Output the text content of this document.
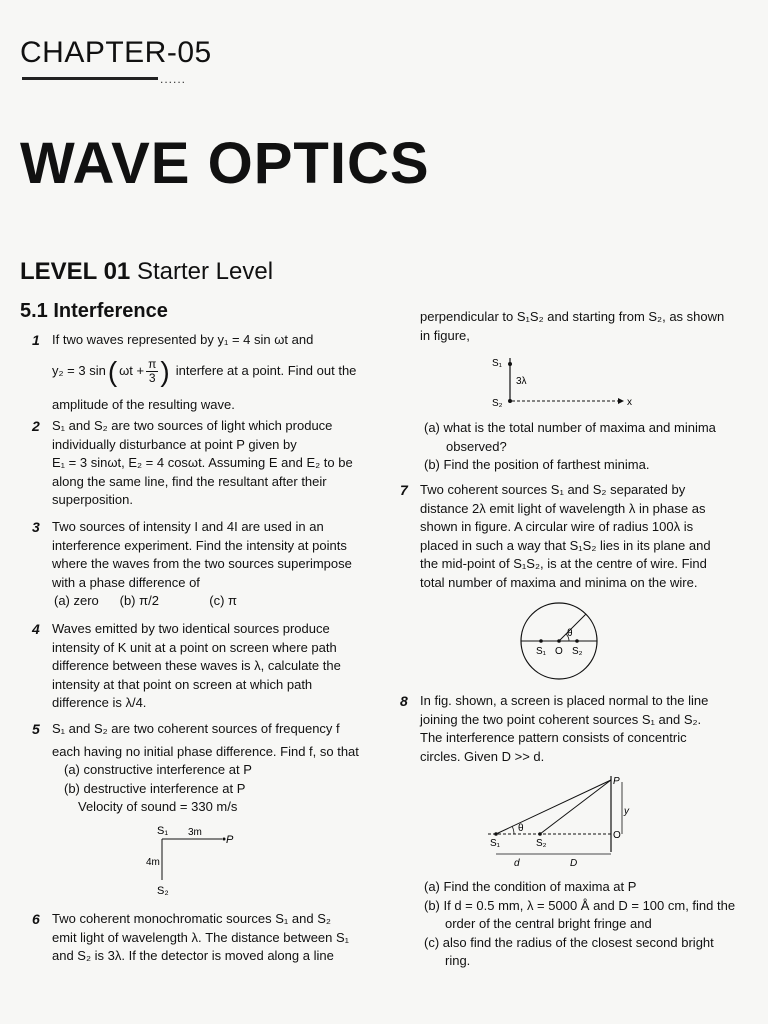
CHAPTER-05
......
WAVE OPTICS
LEVEL 01 Starter Level
5.1 Interference
1 If two waves represented by y₁ = 4 sin ωt and
y₂ = 3 sin ( $\omega t + \frac{\pi}{3}$ ) interfere at a point. Find out the
amplitude of the resulting wave.
2 S₁ and S₂ are two sources of light which produce
individually disturbance at point P given by
E₁ = 3 sinωt, E₂ = 4 cosωt. Assuming E and E₂ to be
along the same line, find the resultant after their
superposition.
3 Two sources of intensity I and 4I are used in an
interference experiment. Find the intensity at points
where the waves from the two sources superimpose
with a phase difference of
(a) zero (b) π/2	(c) π
4 Waves emitted by two identical sources produce
intensity of K unit at a point on screen where path
difference between these waves is λ, calculate the
intensity at that point on screen at which path
difference is λ/4.
5 S₁ and S₂ are two coherent sources of frequency f
each having no initial phase difference. Find f, so that
(a) constructive interference at P
(b) destructive interference at P
Velocity of sound = 330 m/s
S₁ 3m
P
4m
S₂
6 Two coherent monochromatic sources S₁ and S₂
emit light of wavelength λ. The distance between S₁
and S₂ is 3λ. If the detector is moved along a line
perpendicular to S₁S₂ and starting from S₂, as shown
in figure,
S₁
3λ
x
S₂
(a) what is the total number of maxima and minima
observed?
(b) Find the position of farthest minima.
7 Two coherent sources S₁ and S₂ separated by
distance 2λ emit light of wavelength λ in phase as
shown in figure. A circular wire of radius 100λ is
placed in such a way that S₁S₂ lies in its plane and
the mid-point of S₁S₂, is at the centre of wire. Find
total number of maxima and minima on the wire.
θ
S₁ O S₂
8 In fig. shown, a screen is placed normal to the line
joining the two point coherent sources S₁ and S₂.
The interference pattern consists of concentric
circles. Given D >> d.
P
y
O
θ
S₁	S₂
d	D
(a) Find the condition of maxima at P
(b) If d = 0.5 mm, λ = 5000 Å and D = 100 cm, find the
order of the central bright fringe and
(c) also find the radius of the closest second bright
ring.
